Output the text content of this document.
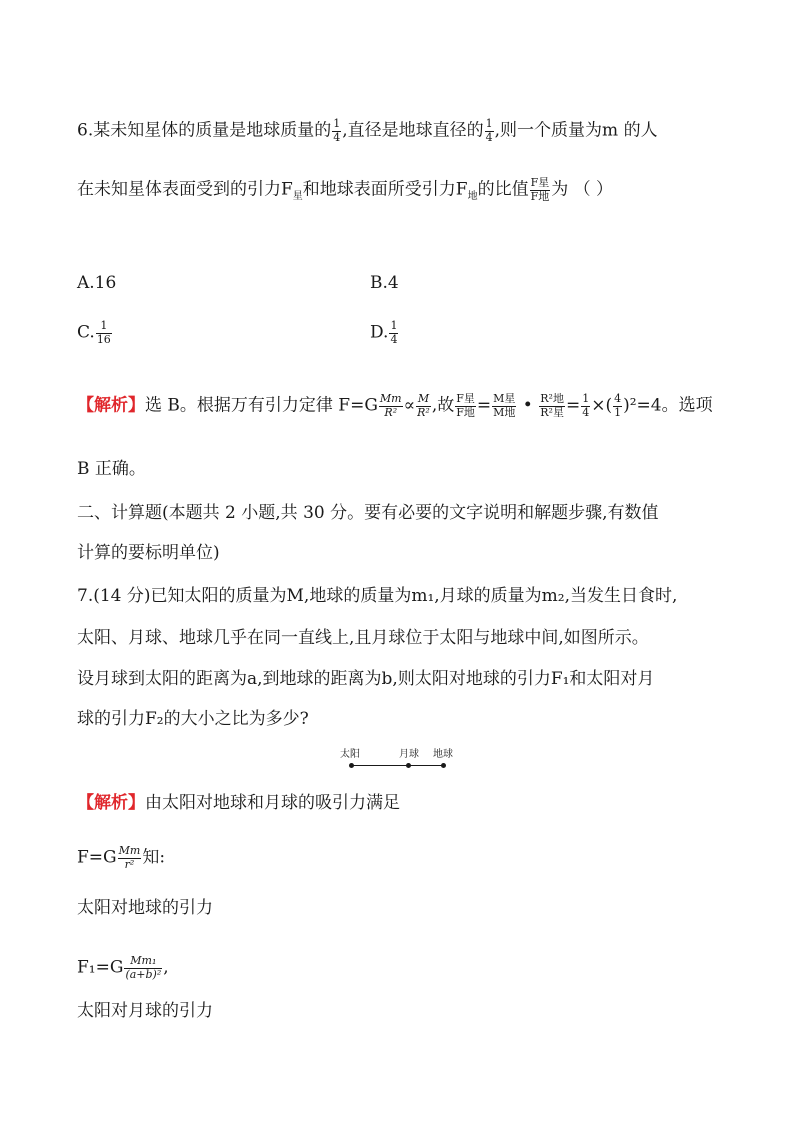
6.某未知星体的质量是地球质量的 $\frac{1}{4}$ ,直径是地球直径的 $\frac{1}{4}$ ,则一个质量为m 的人
在未知星体表面受到的引力$F_星$和地球表面所受引力$F_地$的比值 $\frac{\text{F星}}{\text{F地}}$ 为 （ ）
A.16	B.4
C. $\frac{1}{16}$	D. $\frac{1}{4}$
【解析】选 B。根据万有引力定律 $F=G \frac{Mm}{\text{R²}} \propto \frac{M}{\text{R²}}$ ,故 $\frac{\text{F星}}{\text{F地}} = \frac{\text{M星}}{\text{M地}}$ • $\frac{\text{R²地}}{\text{R²星}} = \frac{1}{4}$ ×( $\frac{4}{1} )^2=4$。选项
B 正确。
二、计算题(本题共 2 小题,共 30 分。要有必要的文字说明和解题步骤,有数值
计算的要标明单位)
7.(14 分)已知太阳的质量为M,地球的质量为m₁,月球的质量为m₂,当发生日食时,
太阳、月球、地球几乎在同一直线上,且月球位于太阳与地球中间,如图所示。
设月球到太阳的距离为a,到地球的距离为b,则太阳对地球的引力F₁和太阳对月
球的引力F₂的大小之比为多少?
太阳	月球 地球
【解析】由太阳对地球和月球的吸引力满足
$F=G \frac{Mm}{\text{r²}}$ 知:
太阳对地球的引力
$F_1=G \frac{\text{Mm₁}}{\text{(a+b)²}}$ ,
太阳对月球的引力
